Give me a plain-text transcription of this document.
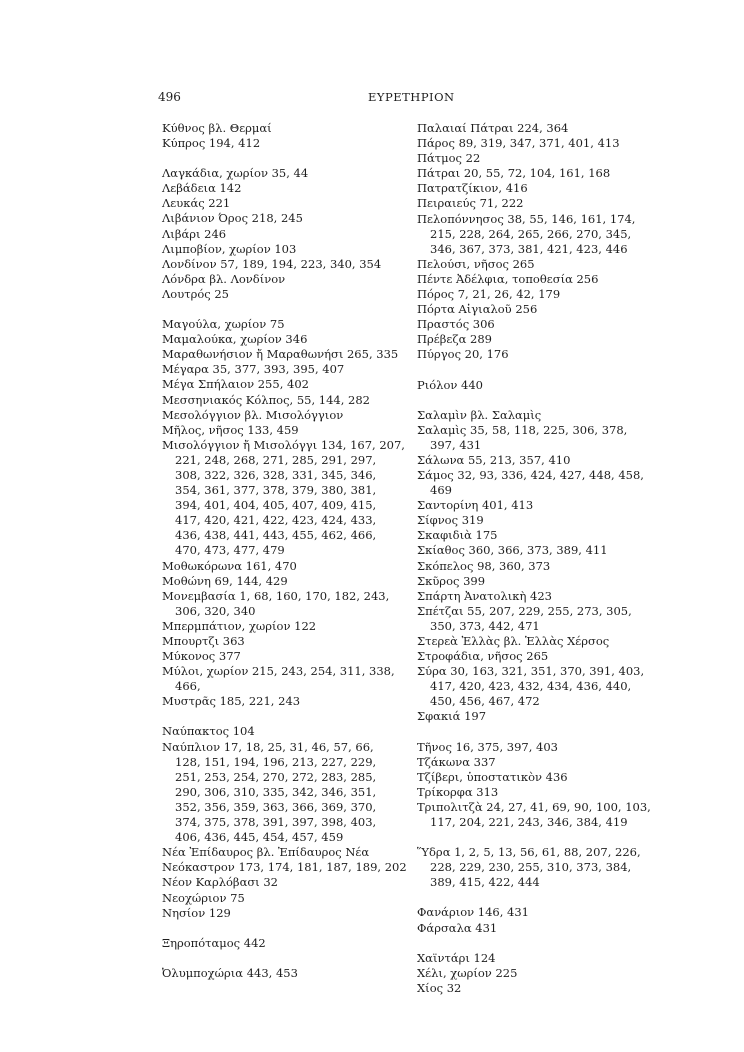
496	ΕΥΡΕΤΗΡΙΟΝ
Κύθνος βλ. Θερμαί
Κύπρος 194, 412
Λαγκάδια, χωρίον 35, 44
Λεβάδεια 142
Λευκάς 221
Λιβάνιον Όρος 218, 245
Λιβάρι 246
Λιμποβίον, χωρίον 103
Λονδίνον 57, 189, 194, 223, 340, 354
Λόνδρα βλ. Λονδίνον
Λουτρός 25
Μαγούλα, χωρίον 75
Μαμαλούκα, χωρίον 346
Μαραθωνήσιον ἤ Μαραθωνήσι 265, 335
Μέγαρα 35, 377, 393, 395, 407
Μέγα Σπήλαιον 255, 402
Μεσσηνιακός Κόλπος, 55, 144, 282
Μεσολόγγιον βλ. Μισολόγγιον
Μῆλος, νῆσος 133, 459
Μισολόγγιον ἤ Μισολόγγι 134, 167, 207,
221, 248, 268, 271, 285, 291, 297,
308, 322, 326, 328, 331, 345, 346,
354, 361, 377, 378, 379, 380, 381,
394, 401, 404, 405, 407, 409, 415,
417, 420, 421, 422, 423, 424, 433,
436, 438, 441, 443, 455, 462, 466,
470, 473, 477, 479
Μοθωκόρωνα 161, 470
Μοθώνη 69, 144, 429
Μονεμβασία 1, 68, 160, 170, 182, 243,
306, 320, 340
Μπερμπάτιον, χωρίον 122
Μπουρτζι 363
Μύκονος 377
Μύλοι, χωρίον 215, 243, 254, 311, 338,
466,
Μυστρᾶς 185, 221, 243
Ναύπακτος 104
Ναύπλιον 17, 18, 25, 31, 46, 57, 66,
128, 151, 194, 196, 213, 227, 229,
251, 253, 254, 270, 272, 283, 285,
290, 306, 310, 335, 342, 346, 351,
352, 356, 359, 363, 366, 369, 370,
374, 375, 378, 391, 397, 398, 403,
406, 436, 445, 454, 457, 459
Νέα Ἐπίδαυρος βλ. Ἐπίδαυρος Νέα
Νεόκαστρον 173, 174, 181, 187, 189, 202
Νέον Καρλόβασι 32
Νεοχώριον 75
Νησίον 129
Ξηροπόταμος 442
Ὀλυμποχώρια 443, 453
Παλαιαί Πάτραι 224, 364
Πάρος 89, 319, 347, 371, 401, 413
Πάτμος 22
Πάτραι 20, 55, 72, 104, 161, 168
Πατρατζίκιον, 416
Πειραιεύς 71, 222
Πελοπόννησος 38, 55, 146, 161, 174,
215, 228, 264, 265, 266, 270, 345,
346, 367, 373, 381, 421, 423, 446
Πελούσι, νῆσος 265
Πέντε Ἀδέλφια, τοποθεσία 256
Πόρος 7, 21, 26, 42, 179
Πόρτα Αἰγιαλοῦ 256
Πραστός 306
Πρέβεζα 289
Πύργος 20, 176
Ριόλον 440
Σαλαμὶν βλ. Σαλαμὶς
Σαλαμὶς 35, 58, 118, 225, 306, 378,
397, 431
Σάλωνα 55, 213, 357, 410
Σάμος 32, 93, 336, 424, 427, 448, 458,
469
Σαντορίνη 401, 413
Σίφνος 319
Σκαφιδιὰ 175
Σκίαθος 360, 366, 373, 389, 411
Σκόπελος 98, 360, 373
Σκῦρος 399
Σπάρτη Ἀνατολικὴ 423
Σπέτζαι 55, 207, 229, 255, 273, 305,
350, 373, 442, 471
Στερεὰ Ἑλλὰς βλ. Ἑλλὰς Χέρσος
Στροφάδια, νῆσος 265
Σύρα 30, 163, 321, 351, 370, 391, 403,
417, 420, 423, 432, 434, 436, 440,
450, 456, 467, 472
Σφακιά 197
Τῆνος 16, 375, 397, 403
Τζάκωνα 337
Τζίβερι, ὑποστατικὸν 436
Τρίκορφα 313
Τριπολιτζὰ 24, 27, 41, 69, 90, 100, 103,
117, 204, 221, 243, 346, 384, 419
Ὕδρα 1, 2, 5, 13, 56, 61, 88, 207, 226,
228, 229, 230, 255, 310, 373, 384,
389, 415, 422, 444
Φανάριον 146, 431
Φάρσαλα 431
Χαϊντάρι 124
Χέλι, χωρίον 225
Χίος 32
